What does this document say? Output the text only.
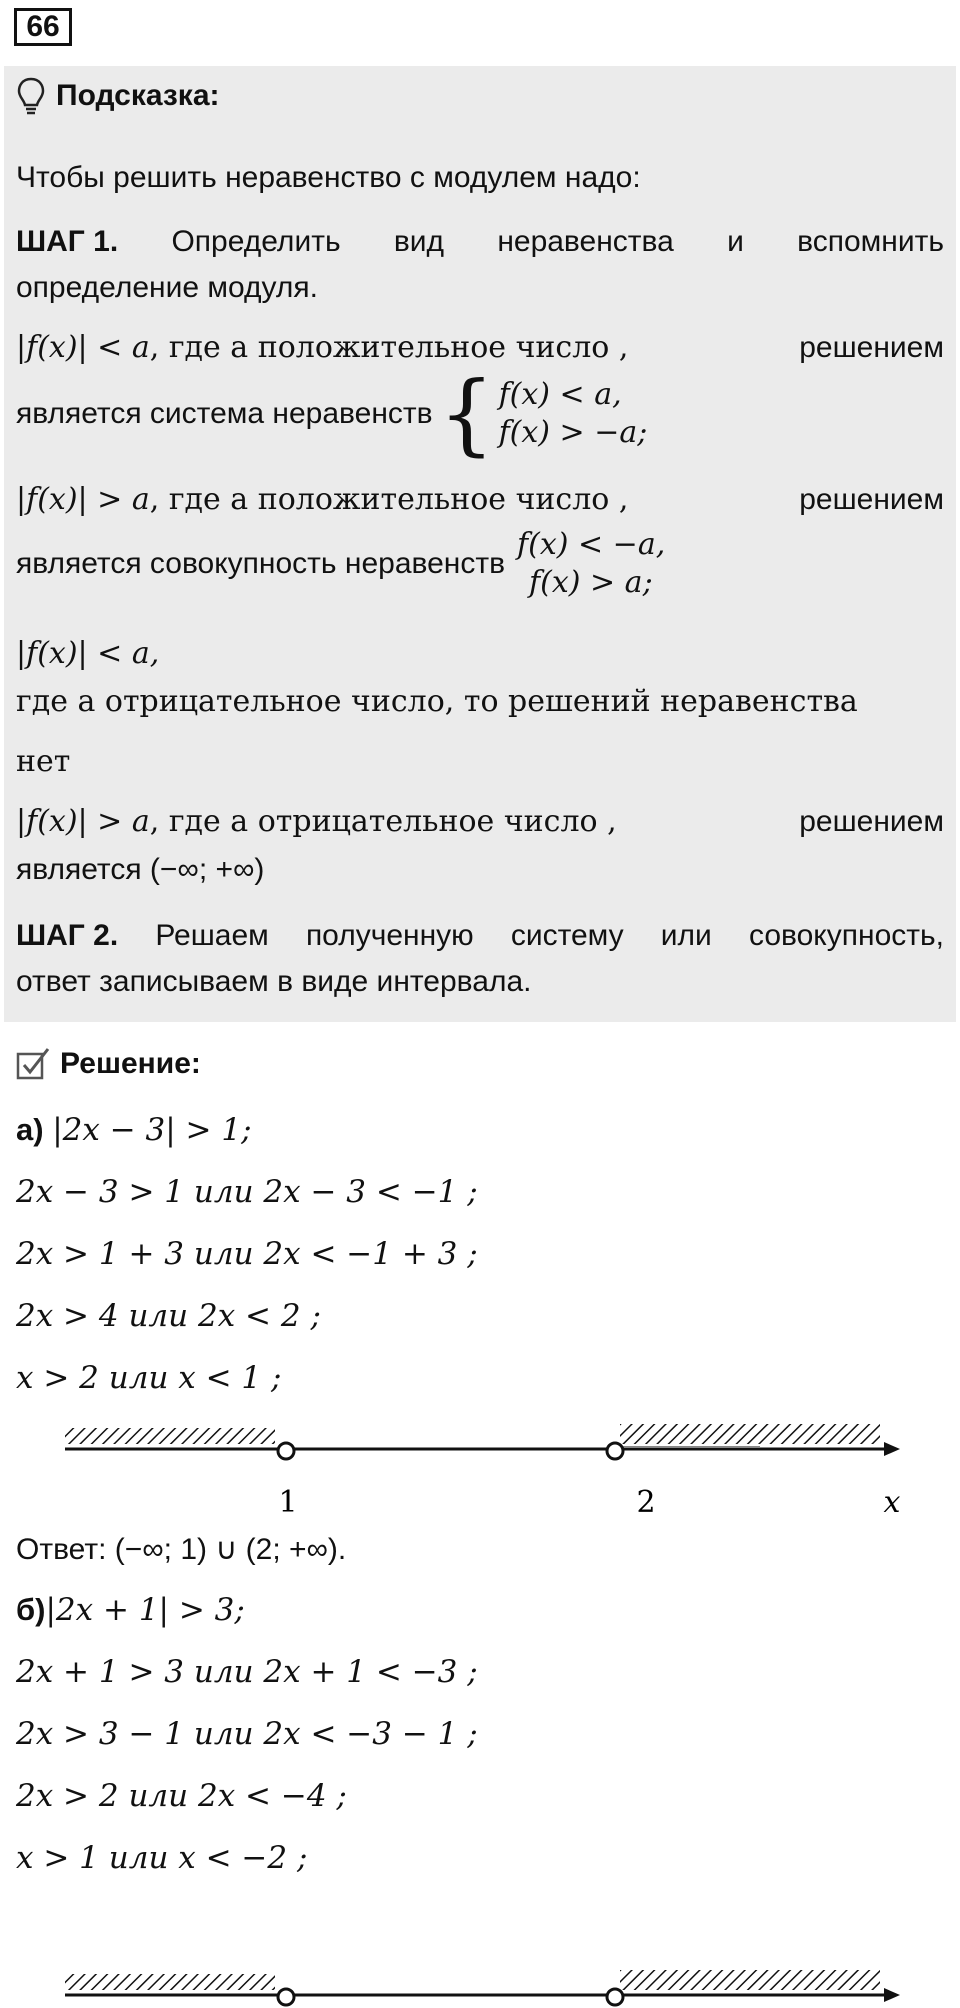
66
Подсказка:
Чтобы решить неравенство с модулем надо:
ШАГ 1. Определить вид неравенства и вспомнить
определение модуля.
|f(x)| < a, где a положительное число ,	решением
является система неравенств { f(x) < a,
f(x) > −a;
|f(x)| > a, где a положительное число ,	решением
является совокупность неравенств
f(x) < −a,
f(x) > a;
|f(x)| < a,
где a отрицательное число, то решений неравенства
нет
|f(x)| > a, где a отрицательное число ,	решением
является (−∞; +∞)
ШАГ 2. Решаем полученную систему или совокупность,
ответ записываем в виде интервала.
Решение:
а) |2x − 3| > 1;
2x − 3 > 1 или 2x − 3 < −1 ;
2x > 1 + 3 или 2x < −1 + 3 ;
2x > 4 или 2x < 2 ;
x > 2 или x < 1 ;
1	2	x
Ответ: (−∞; 1) ∪ (2; +∞).
б)|2x + 1| > 3;
2x + 1 > 3 или 2x + 1 < −3 ;
2x > 3 − 1 или 2x < −3 − 1 ;
2x > 2 или 2x < −4 ;
x > 1 или x < −2 ;
